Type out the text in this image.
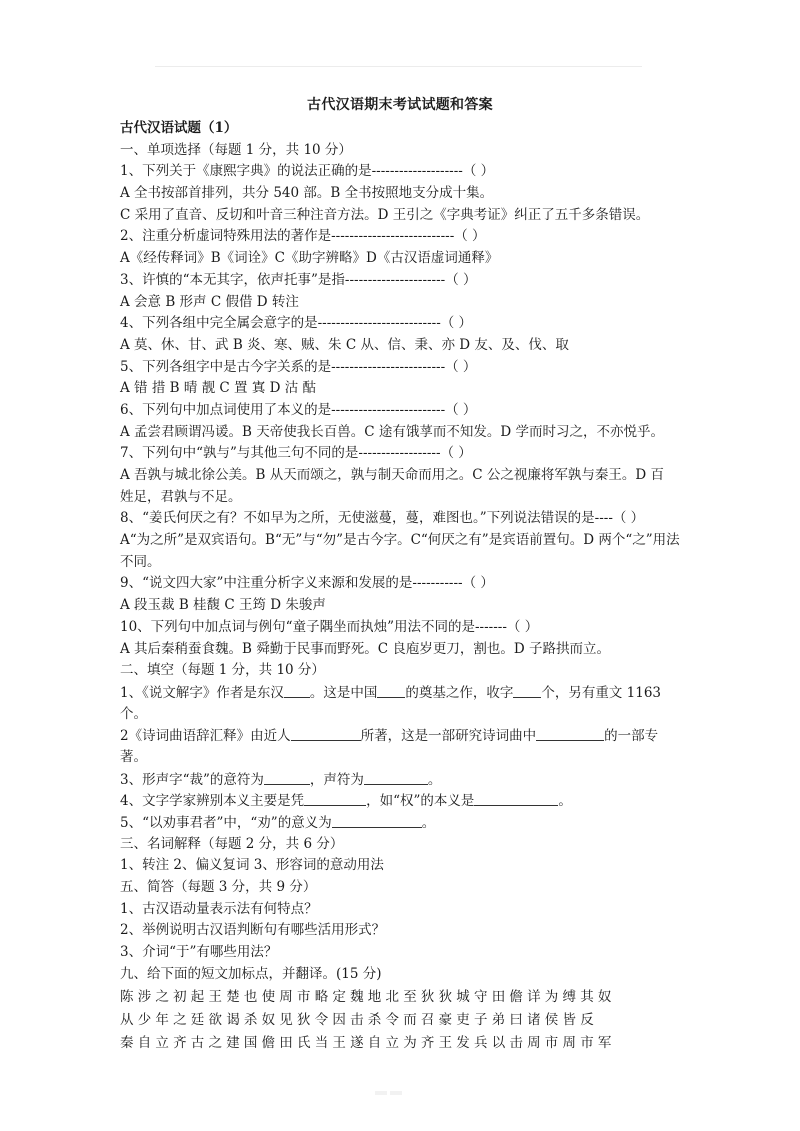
古代汉语期末考试试题和答案
古代汉语试题（1）
一、单项选择（每题 1 分，共 10 分）
1、下列关于《康熙字典》的说法正确的是--------------------（ ）
A 全书按部首排列，共分 540 部。B 全书按照地支分成十集。
C 采用了直音、反切和叶音三种注音方法。D 王引之《字典考证》纠正了五千多条错误。
2、注重分析虚词特殊用法的著作是---------------------------（ ）
A《经传释词》B《词诠》C《助字辨略》D《古汉语虚词通释》
3、许慎的“本无其字，依声托事”是指----------------------（ ）
A 会意 B 形声 C 假借 D 转注
4、下列各组中完全属会意字的是---------------------------（ ）
A 莫、休、甘、武 B 炎、寒、贼、朱 C 从、信、秉、亦 D 友、及、伐、取
5、下列各组字中是古今字关系的是-------------------------（ ）
A 错 措 B 晴 靓 C 置 寘 D 沽 酤
6、下列句中加点词使用了本义的是-------------------------（ ）
A 孟尝君顾谓冯谖。B 天帝使我长百兽。C 途有饿莩而不知发。D 学而时习之，不亦悦乎。
7、下列句中“孰与”与其他三句不同的是------------------（ ）
A 吾孰与城北徐公美。B 从天而颂之，孰与制天命而用之。C 公之视廉将军孰与秦王。D 百
姓足，君孰与不足。
8、“姜氏何厌之有？不如早为之所，无使滋蔓，蔓，难图也。”下列说法错误的是----（ ）
A“为之所”是双宾语句。B“无”与“勿”是古今字。C“何厌之有”是宾语前置句。D 两个“之”用法
不同。
9、“说文四大家”中注重分析字义来源和发展的是-----------（ ）
A 段玉裁 B 桂馥 C 王筠 D 朱骏声
10、下列句中加点词与例句“童子隅坐而执烛”用法不同的是-------（ ）
A 其后秦稍蚕食魏。B 舜勤于民事而野死。C 良庖岁更刀，割也。D 子路拱而立。
二、填空（每题 1 分，共 10 分）
1、《说文解字》作者是东汉 。这是中国 的奠基之作，收字 个，另有重文 1163
个。
2《诗词曲语辞汇释》由近人	所著，这是一部研究诗词曲中	的一部专
著。
3、形声字“裁”的意符为	，声符为	。
4、文字学家辨别本义主要是凭	，如“权”的本义是	。
5、“以劝事君者”中，“劝”的意义为	。
三、名词解释（每题 2 分，共 6 分）
1、转注 2、偏义复词 3、形容词的意动用法
五、简答（每题 3 分，共 9 分）
1、古汉语动量表示法有何特点？
2、举例说明古汉语判断句有哪些活用形式？
3、介词“于”有哪些用法？
九、给下面的短文加标点，并翻译。(15 分)
陈涉之初起王楚也使周市略定魏地北至狄狄城守田儋详为缚其奴
从少年之廷欲谒杀奴见狄令因击杀令而召豪吏子弟曰诸侯皆反
秦自立齐古之建国儋田氏当王遂自立为齐王发兵以击周市周市军
